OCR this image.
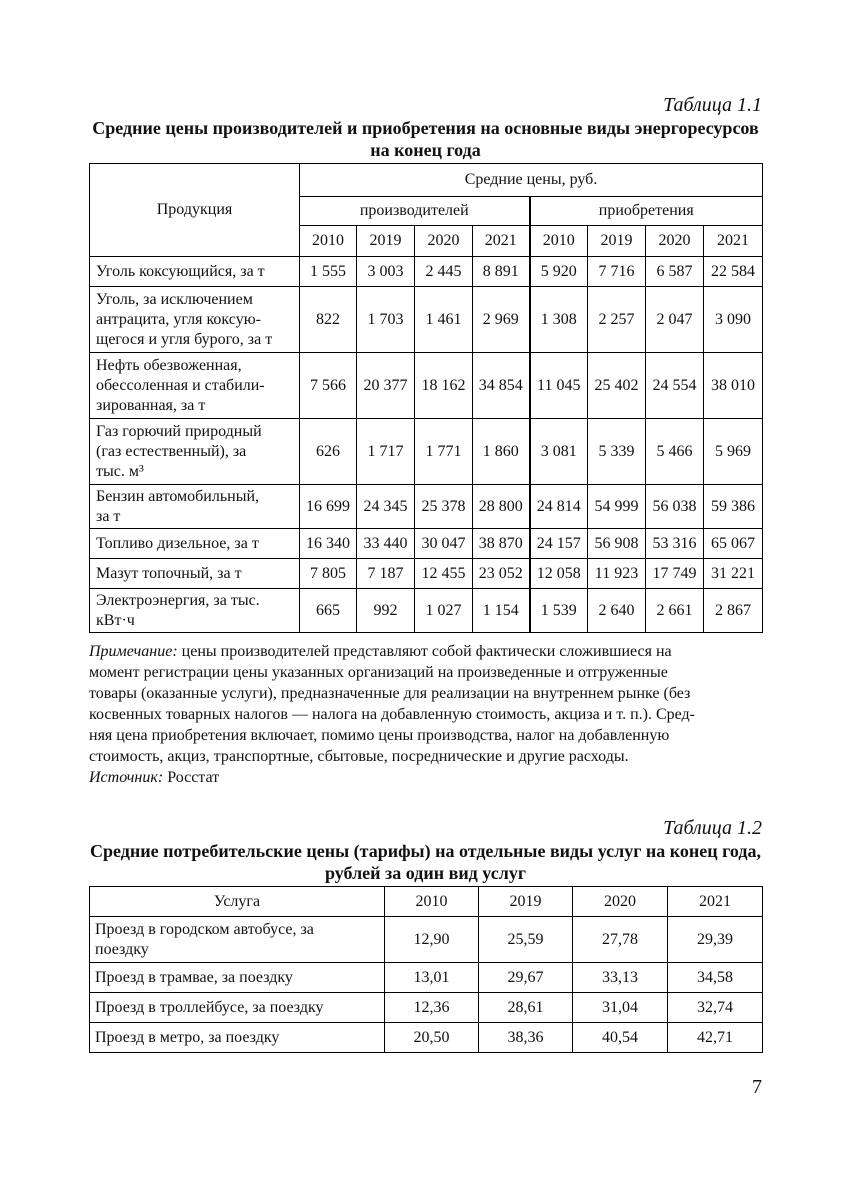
Таблица 1.1
Средние цены производителей и приобретения на основные виды энергоресурсов
на конец года
Продукция	Средние цены, руб.							
	производителей				приобретения			
	2010	2019	2020	2021	2010	2019	2020	2021

Уголь коксующийся, за т	1 555	3 003	2 445	8 891	5 920	7 716	6 587	22 584

Уголь, за исключением
антрацита, угля коксую-
щегося и угля бурого, за т	822	1 703	1 461	2 969	1 308	2 257	2 047	3 090

Нефть обезвоженная,
обессоленная и стабили-
зированная, за т	7 566	20 377	18 162	34 854	11 045	25 402	24 554	38 010

Газ горючий природный
(газ естественный), за
тыс. м³	626	1 717	1 771	1 860	3 081	5 339	5 466	5 969

Бензин автомобильный,
за т	16 699	24 345	25 378	28 800	24 814	54 999	56 038	59 386

Топливо дизельное, за т	16 340	33 440	30 047	38 870	24 157	56 908	53 316	65 067

Мазут топочный, за т	7 805	7 187	12 455	23 052	12 058	11 923	17 749	31 221

Электроэнергия, за тыс.
кВт·ч	665	992	1 027	1 154	1 539	2 640	2 661	2 867
Примечание: цены производителей представляют собой фактически сложившиеся на
момент регистрации цены указанных организаций на произведенные и отгруженные
товары (оказанные услуги), предназначенные для реализации на внутреннем рынке (без
косвенных товарных налогов — налога на добавленную стоимость, акциза и т. п.). Сред-
няя цена приобретения включает, помимо цены производства, налог на добавленную
стоимость, акциз, транспортные, сбытовые, посреднические и другие расходы.
Источник: Росстат
Таблица 1.2
Средние потребительские цены (тарифы) на отдельные виды услуг на конец года,
рублей за один вид услуг
Услуга	2010	2019	2020	2021

Проезд в городском автобусе, за
поездку	12,90	25,59	27,78	29,39

Проезд в трамвае, за поездку	13,01	29,67	33,13	34,58

Проезд в троллейбусе, за поездку	12,36	28,61	31,04	32,74

Проезд в метро, за поездку	20,50	38,36	40,54	42,71
7
